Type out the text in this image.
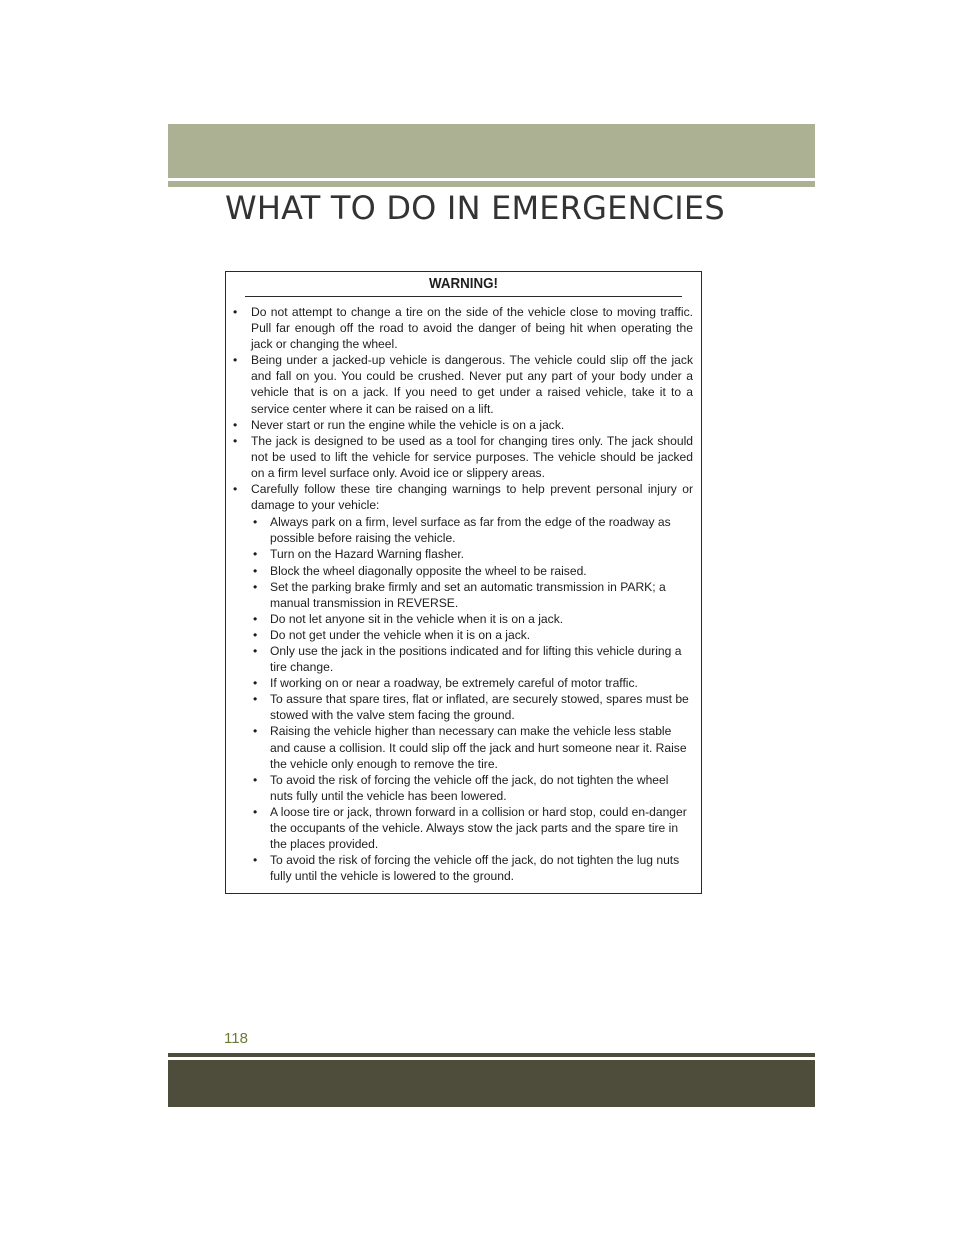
WHAT TO DO IN EMERGENCIES
WARNING!
• Do not attempt to change a tire on the side of the vehicle close to moving traffic. Pull far enough off the road to avoid the danger of being hit when operating the jack or changing the wheel.
• Being under a jacked-up vehicle is dangerous. The vehicle could slip off the jack and fall on you. You could be crushed. Never put any part of your body under a vehicle that is on a jack. If you need to get under a raised vehicle, take it to a service center where it can be raised on a lift.
• Never start or run the engine while the vehicle is on a jack.
• The jack is designed to be used as a tool for changing tires only. The jack should not be used to lift the vehicle for service purposes. The vehicle should be jacked on a firm level surface only. Avoid ice or slippery areas.
• Carefully follow these tire changing warnings to help prevent personal injury or damage to your vehicle:
• Always park on a firm, level surface as far from the edge of the roadway as possible before raising the vehicle.
• Turn on the Hazard Warning flasher.
• Block the wheel diagonally opposite the wheel to be raised.
• Set the parking brake firmly and set an automatic transmission in PARK; a manual transmission in REVERSE.
• Do not let anyone sit in the vehicle when it is on a jack.
• Do not get under the vehicle when it is on a jack.
• Only use the jack in the positions indicated and for lifting this vehicle during a tire change.
• If working on or near a roadway, be extremely careful of motor traffic.
• To assure that spare tires, flat or inflated, are securely stowed, spares must be stowed with the valve stem facing the ground.
• Raising the vehicle higher than necessary can make the vehicle less stable and cause a collision. It could slip off the jack and hurt someone near it. Raise the vehicle only enough to remove the tire.
• To avoid the risk of forcing the vehicle off the jack, do not tighten the wheel nuts fully until the vehicle has been lowered.
• A loose tire or jack, thrown forward in a collision or hard stop, could en-danger the occupants of the vehicle. Always stow the jack parts and the spare tire in the places provided.
• To avoid the risk of forcing the vehicle off the jack, do not tighten the lug nuts fully until the vehicle is lowered to the ground.
118
